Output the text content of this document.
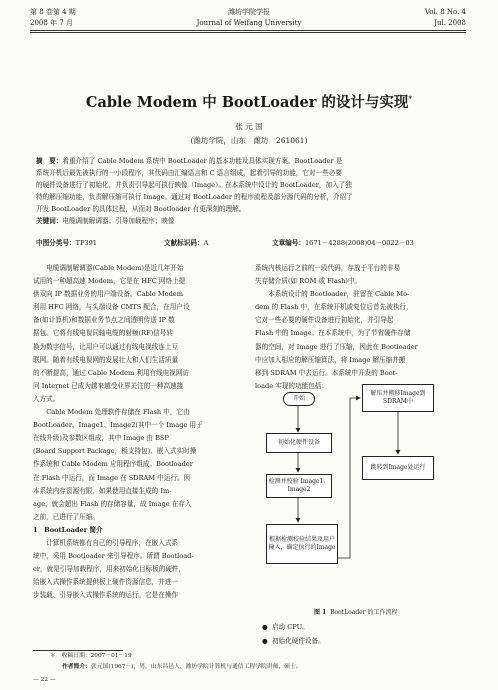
第 8 卷第 4 期
2008 年 7 月
潍坊学院学报
Journal of Weifang University
Vol. 8 No. 4
Jul. 2008
Cable Modem 中 BootLoader 的设计与实现*
张 元 国
(潍坊学院，山东　潍坊　261061)
摘　要：着重介绍了 Cable Modem 系统中 BootLoader 的基本功能及具体实现方案。BootLoader 是
系统开机后最先被执行的一小段程序，其代码由汇编语言和 C 语言组成，起着引导的功能，它对一些必要
的硬件设备进行了初始化，并负责引导起可执行映像（Image）。在本系统中设计的 BootLoader，加入了独
特的解压缩功能，负责解压缩可执行 Image。通过对 BootLoader 的程序流程及部分源代码的分析，介绍了
开发 BootLoader 的具体过程，从而对 Bootloader 有更深刻的理解。
关键词：电缆调制解调器；引导加载程序；映像
中图分类号：TP391	文献标识码：A	文章编号：1671－4288(2008)04－0022－03

电缆调制解调器(Cable Modem)是近几年开始
试用的一种超高速 Modem，它是在 HFC 网络上提
供双向 IP 数据业务的用户端设备。Cable Modem
利用 HFC 网络，与头端设备 CMTS 配合，在用户设
备(如计算机)和数据业务节点之间透明传送 IP 数
据包。它将有线电视同轴电缆的射频(RF)信号转
换为数字信号，让用户可以通过有线电视线连上互
联网。随着有线电视网的发展壮大和人们生活质量
的不断提高，通过 Cable Modem 利用有线电视网访
问 Internet 已成为越来越受业界关注的一种高速接
入方式。

Cable Modem 处理软件存储在 Flash 中，它由
BootLoader、Image1、Image2(其中一个 Image 用于
在线升级)及参数区组成，其中 Image 由 BSP
(Board Support Package，板支持包)、嵌入式实时操
作系统和 Cable Modem 应用程序组成。Bootloader
在 Flash 中运行，而 Image 在 SDRAM 中运行。因
本系统内存资源有限，如果使用直接生成的 Im-
age，就会超出 Flash 的存储容量，故 Image 在存入
之前，已进行了压缩。

1　BootLoader 简介

计算机系统都有自己的引导程序，在嵌入式系
统中，采用 Bootloader 来引导程序。所谓 Bootload-
er，就是引导加载程序，用来初始化目标板的硬件，
给嵌入式操作系统提供板上硬件资源信息，并进一
步装载、引导嵌入式操作系统的运行。它是在操作

系统内核运行之前的一段代码，存放于平台的非易
失存储介质(如 ROM 或 Flash)中。

本系统设计的 Bootloader，驻留在 Cable Mo-
dem 的 Flash 中，在系统开机或复位后首先被执行，
它对一些必要的硬件设备进行初始化，并引导起
Flash 中的 Image。在本系统中，为了节省硬件存储
器的空间，对 Image 进行了压缩，因此在 Bootloader
中应加入相应的解压缩算法，将 Image 解压缩并搬
移到 SDRAM 中去运行。本系统中开发的 Boot-
loade 实现的功能包括：

开始
初始化硬件设备
检测并校验 Image1、Image2
根据检测校验结果及用户输入，确定执行的Image
解压并搬移Image到SDRAM中
跳转到Image处运行
图 1 BootLoader 的工作流程
●  启动 CPU。
●  初始化硬件设备。
＊　收稿日期：2007－01－19
作者简介：张元国(1967－)，男，山东昌邑人，潍坊学院计算机与通信工程学院讲师，硕士。
— 22 —
